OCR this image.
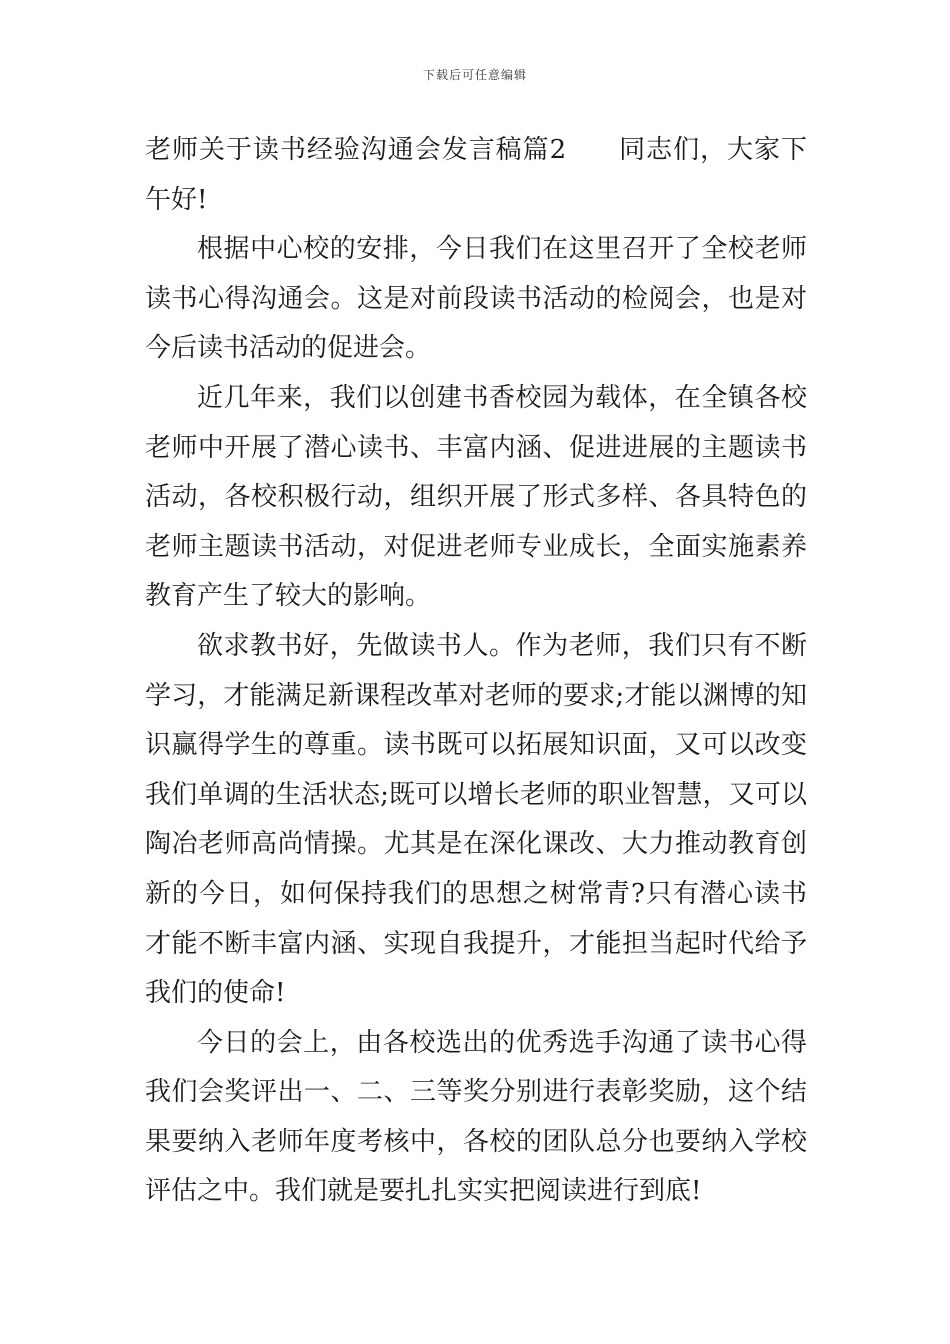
下载后可任意编辑

老师关于读书经验沟通会发言稿篇2 同志们，大家下午好!

根据中心校的安排，今日我们在这里召开了全校老师读书心得沟通会。这是对前段读书活动的检阅会，也是对今后读书活动的促进会。

近几年来，我们以创建书香校园为载体，在全镇各校老师中开展了潜心读书、丰富内涵、促进进展的主题读书活动，各校积极行动，组织开展了形式多样、各具特色的老师主题读书活动，对促进老师专业成长，全面实施素养教育产生了较大的影响。

欲求教书好，先做读书人。作为老师，我们只有不断学习，才能满足新课程改革对老师的要求;才能以渊博的知识赢得学生的尊重。读书既可以拓展知识面，又可以改变我们单调的生活状态;既可以增长老师的职业智慧，又可以陶冶老师高尚情操。尤其是在深化课改、大力推动教育创新的今日，如何保持我们的思想之树常青?只有潜心读书才能不断丰富内涵、实现自我提升，才能担当起时代给予我们的使命!

今日的会上，由各校选出的优秀选手沟通了读书心得我们会奖评出一、二、三等奖分别进行表彰奖励，这个结果要纳入老师年度考核中，各校的团队总分也要纳入学校评估之中。我们就是要扎扎实实把阅读进行到底!
